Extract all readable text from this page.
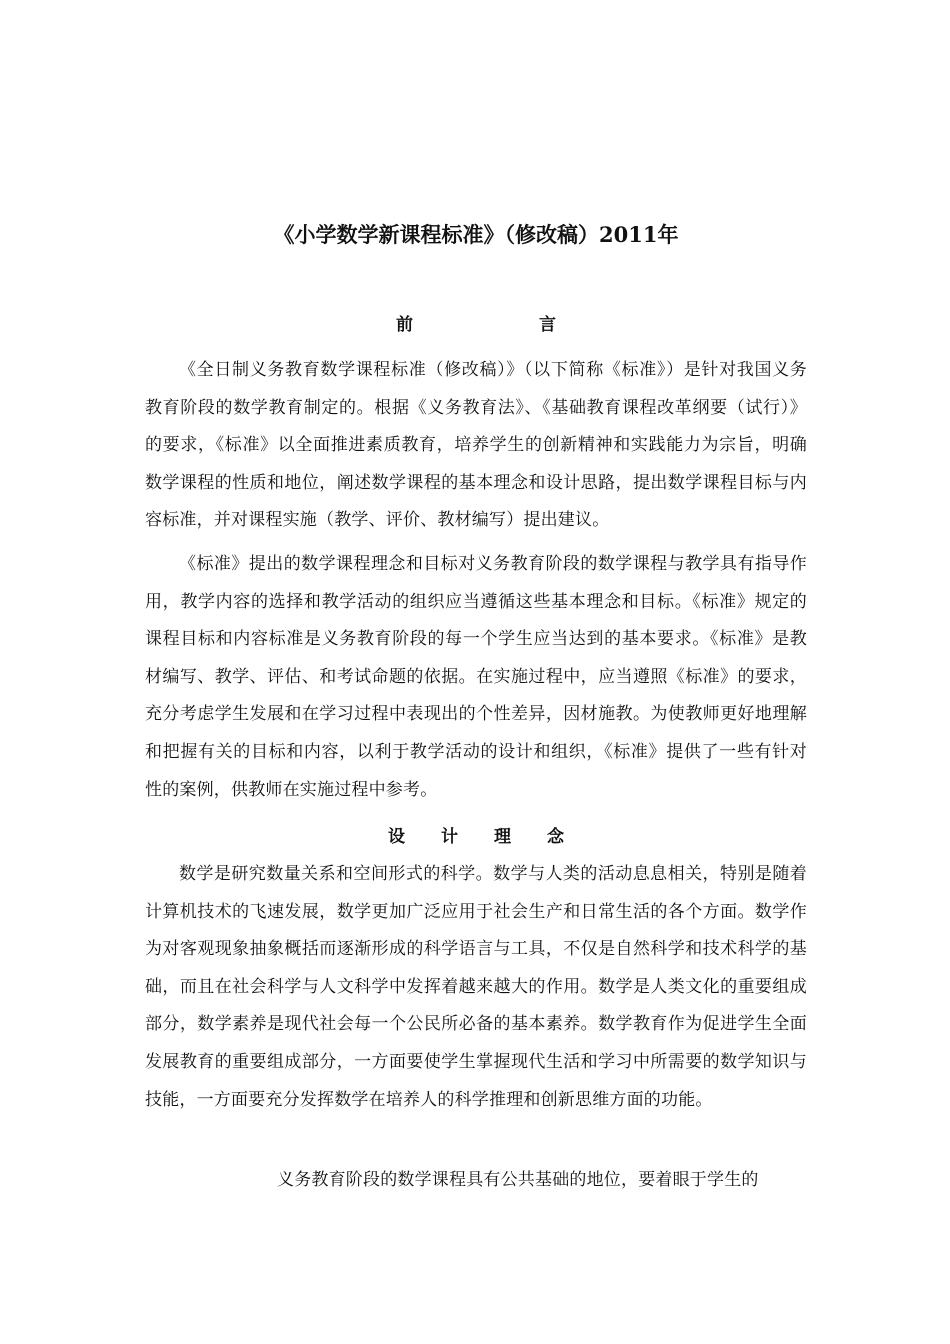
《小学数学新课程标准》（修改稿）2011年
前	言

《全日制义务教育数学课程标准（修改稿）》（以下简称《标准》）是针对我国义务教育阶段的数学教育制定的。根据《义务教育法》、《基础教育课程改革纲要（试行）》的要求，《标准》以全面推进素质教育，培养学生的创新精神和实践能力为宗旨，明确数学课程的性质和地位，阐述数学课程的基本理念和设计思路，提出数学课程目标与内容标准，并对课程实施（教学、评价、教材编写）提出建议。

《标准》提出的数学课程理念和目标对义务教育阶段的数学课程与教学具有指导作用，教学内容的选择和教学活动的组织应当遵循这些基本理念和目标。《标准》规定的课程目标和内容标准是义务教育阶段的每一个学生应当达到的基本要求。《标准》是教材编写、教学、评估、和考试命题的依据。在实施过程中，应当遵照《标准》的要求，充分考虑学生发展和在学习过程中表现出的个性差异，因材施教。为使教师更好地理解和把握有关的目标和内容，以利于教学活动的设计和组织，《标准》提供了一些有针对性的案例，供教师在实施过程中参考。

设 计 理 念

数学是研究数量关系和空间形式的科学。数学与人类的活动息息相关，特别是随着计算机技术的飞速发展，数学更加广泛应用于社会生产和日常生活的各个方面。数学作为对客观现象抽象概括而逐渐形成的科学语言与工具，不仅是自然科学和技术科学的基础，而且在社会科学与人文科学中发挥着越来越大的作用。数学是人类文化的重要组成部分，数学素养是现代社会每一个公民所必备的基本素养。数学教育作为促进学生全面发展教育的重要组成部分，一方面要使学生掌握现代生活和学习中所需要的数学知识与技能，一方面要充分发挥数学在培养人的科学推理和创新思维方面的功能。

义务教育阶段的数学课程具有公共基础的地位，要着眼于学生的
